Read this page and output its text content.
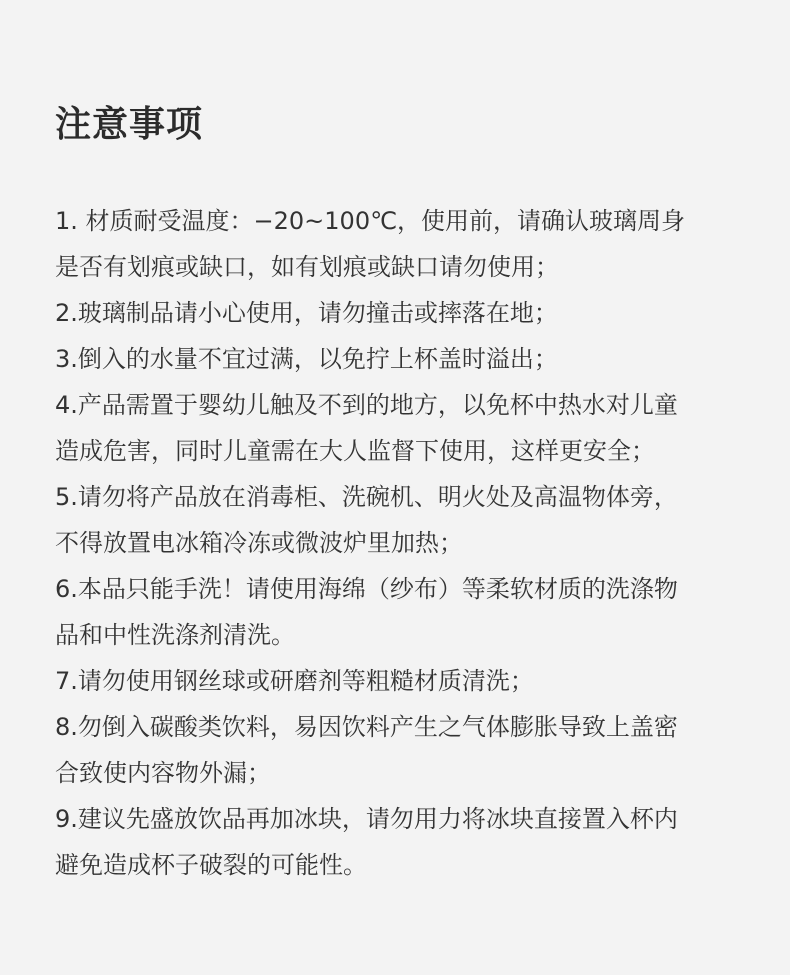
注意事项
1. 材质耐受温度：−20~100℃，使用前，请确认玻璃周身
是否有划痕或缺口，如有划痕或缺口请勿使用；
2.玻璃制品请小心使用，请勿撞击或摔落在地；
3.倒入的水量不宜过满，以免拧上杯盖时溢出；
4.产品需置于婴幼儿触及不到的地方，以免杯中热水对儿童
造成危害，同时儿童需在大人监督下使用，这样更安全；
5.请勿将产品放在消毒柜、洗碗机、明火处及高温物体旁，
不得放置电冰箱冷冻或微波炉里加热；
6.本品只能手洗！请使用海绵（纱布）等柔软材质的洗涤物
品和中性洗涤剂清洗。
7.请勿使用钢丝球或研磨剂等粗糙材质清洗；
8.勿倒入碳酸类饮料，易因饮料产生之气体膨胀导致上盖密
合致使内容物外漏；
9.建议先盛放饮品再加冰块，请勿用力将冰块直接置入杯内
避免造成杯子破裂的可能性。
